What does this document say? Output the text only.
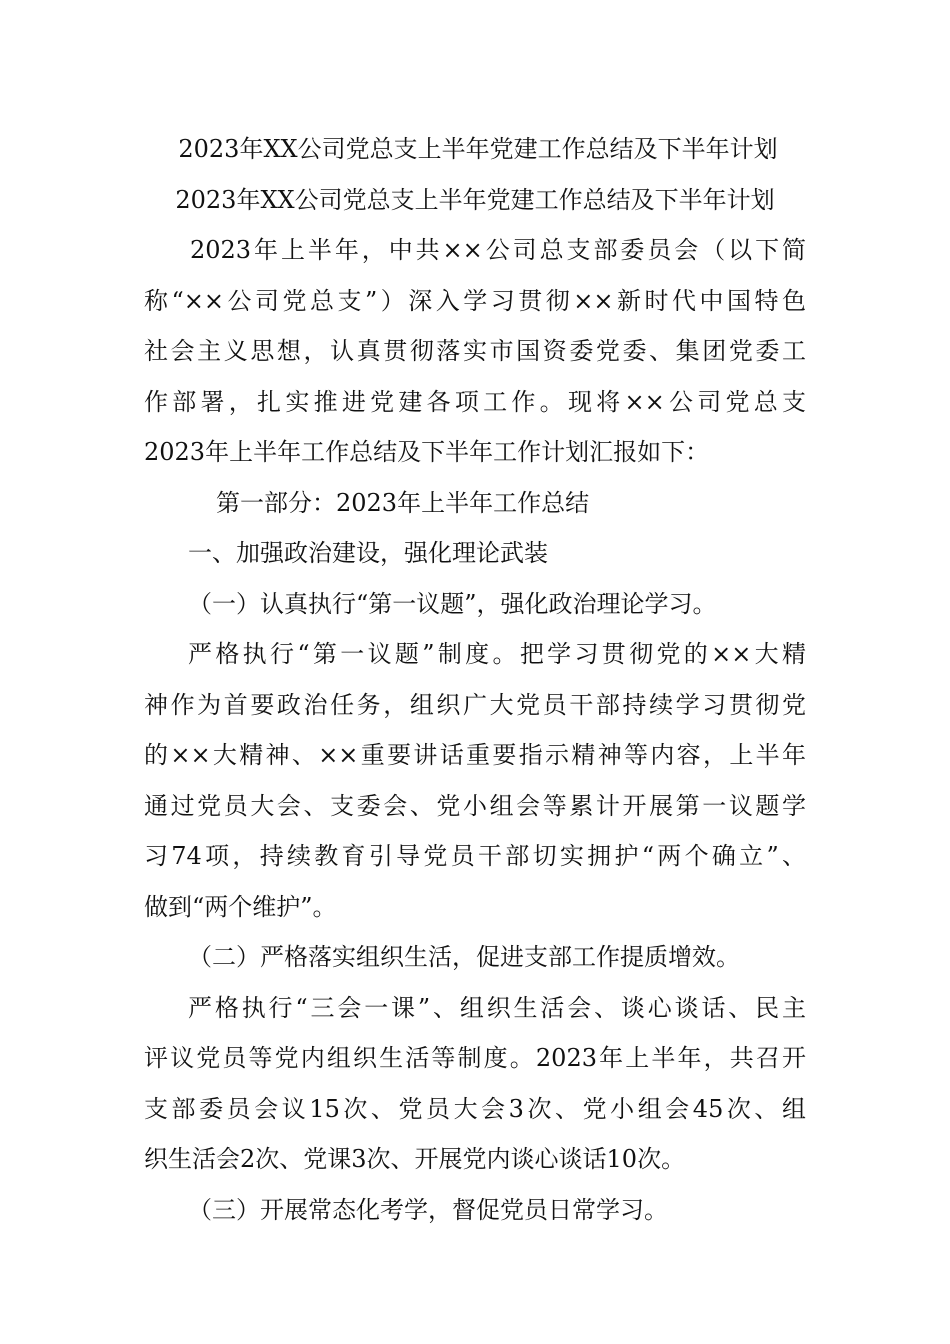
2023年XX公司党总支上半年党建工作总结及下半年计划
2023年XX公司党总支上半年党建工作总结及下半年计划
2023年上半年，中共××公司总支部委员会（以下简
称“××公司党总支”）深入学习贯彻××新时代中国特色
社会主义思想，认真贯彻落实市国资委党委、集团党委工
作部署，扎实推进党建各项工作。现将××公司党总支
2023年上半年工作总结及下半年工作计划汇报如下：
第一部分：2023年上半年工作总结
一、加强政治建设，强化理论武装
（一）认真执行“第一议题”，强化政治理论学习。
严格执行“第一议题”制度。把学习贯彻党的××大精
神作为首要政治任务，组织广大党员干部持续学习贯彻党
的××大精神、××重要讲话重要指示精神等内容，上半年
通过党员大会、支委会、党小组会等累计开展第一议题学
习74项，持续教育引导党员干部切实拥护“两个确立”、
做到“两个维护”。
（二）严格落实组织生活，促进支部工作提质增效。
严格执行“三会一课”、组织生活会、谈心谈话、民主
评议党员等党内组织生活等制度。2023年上半年，共召开
支部委员会议15次、党员大会3次、党小组会45次、组
织生活会2次、党课3次、开展党内谈心谈话10次。
（三）开展常态化考学，督促党员日常学习。
